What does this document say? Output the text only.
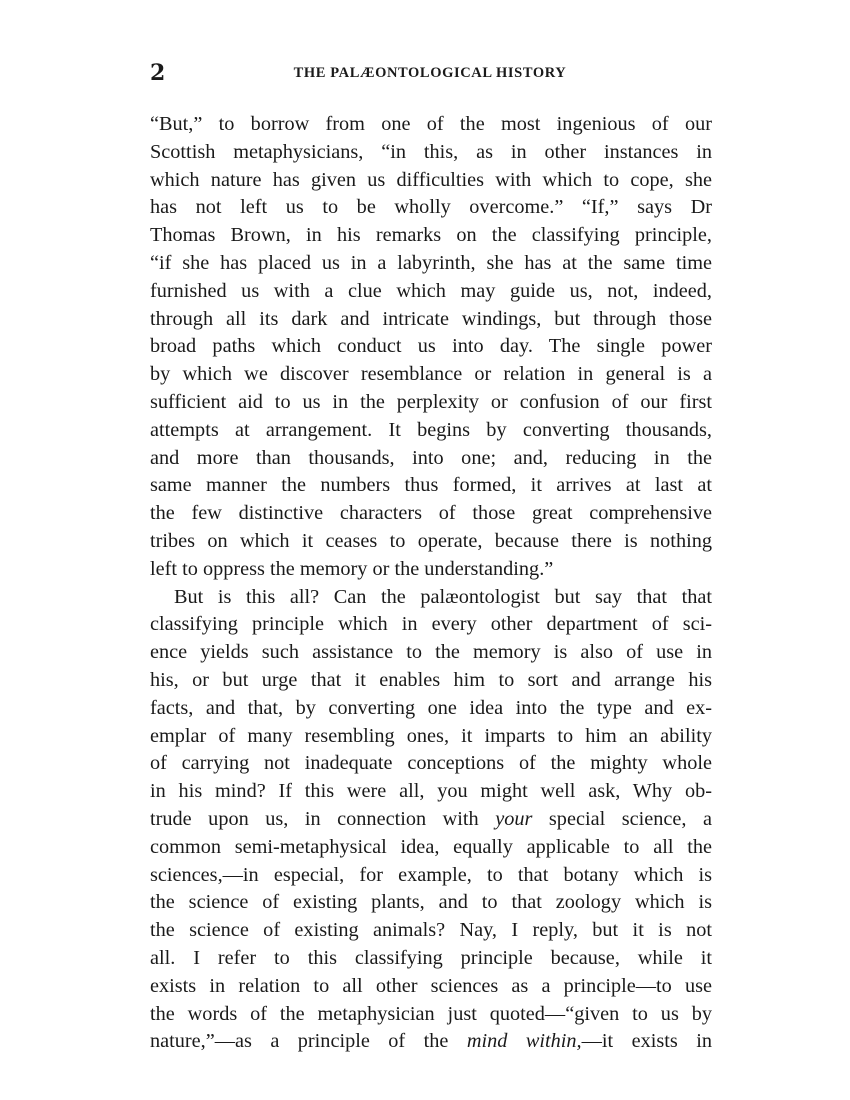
2	THE PALÆONTOLOGICAL HISTORY
“But,” to borrow from one of the most ingenious of our
Scottish metaphysicians, “in this, as in other instances in
which nature has given us difficulties with which to cope, she
has not left us to be wholly overcome.” “If,” says Dr
Thomas Brown, in his remarks on the classifying principle,
“if she has placed us in a labyrinth, she has at the same time
furnished us with a clue which may guide us, not, indeed,
through all its dark and intricate windings, but through those
broad paths which conduct us into day. The single power
by which we discover resemblance or relation in general is a
sufficient aid to us in the perplexity or confusion of our first
attempts at arrangement. It begins by converting thousands,
and more than thousands, into one; and, reducing in the
same manner the numbers thus formed, it arrives at last at
the few distinctive characters of those great comprehensive
tribes on which it ceases to operate, because there is nothing
left to oppress the memory or the understanding.”
But is this all? Can the palæontologist but say that that
classifying principle which in every other department of sci-
ence yields such assistance to the memory is also of use in
his, or but urge that it enables him to sort and arrange his
facts, and that, by converting one idea into the type and ex-
emplar of many resembling ones, it imparts to him an ability
of carrying not inadequate conceptions of the mighty whole
in his mind? If this were all, you might well ask, Why ob-
trude upon us, in connection with your special science, a
common semi-metaphysical idea, equally applicable to all the
sciences,—in especial, for example, to that botany which is
the science of existing plants, and to that zoology which is
the science of existing animals? Nay, I reply, but it is not
all. I refer to this classifying principle because, while it
exists in relation to all other sciences as a principle—to use
the words of the metaphysician just quoted—“given to us by
nature,”—as a principle of the mind within,—it exists in
